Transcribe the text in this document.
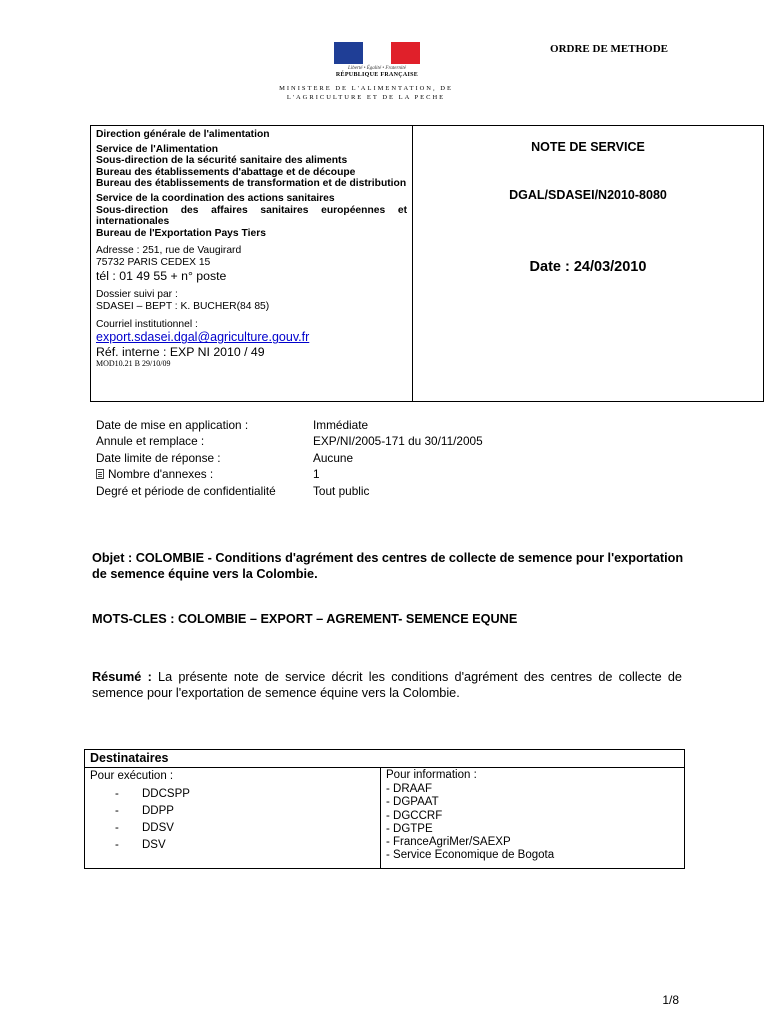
Liberté • Égalité • Fraternité
RÉPUBLIQUE FRANÇAISE
ORDRE DE METHODE
MINISTERE DE L'ALIMENTATION, DE
L'AGRICULTURE ET DE LA PECHE
Direction générale de l'alimentation
Service de l'Alimentation
Sous-direction de la sécurité sanitaire des aliments
Bureau des établissements d'abattage et de découpe
Bureau des établissements de transformation et de distribution
Service de la coordination des actions sanitaires
Sous-direction des affaires sanitaires européennes et internationales
Bureau de l'Exportation Pays Tiers
Adresse : 251, rue de Vaugirard
75732 PARIS CEDEX 15
tél : 01 49 55 + n° poste
Dossier suivi par :
SDASEI – BEPT : K. BUCHER(84 85)
Courriel institutionnel :
export.sdasei.dgal@agriculture.gouv.fr
Réf. interne : EXP NI 2010 / 49
MOD10.21 B 29/10/09
NOTE DE SERVICE
DGAL/SDASEI/N2010-8080
Date : 24/03/2010
Date de mise en application :	Immédiate
Annule et remplace :	EXP/NI/2005-171 du 30/11/2005
Date limite de réponse :	Aucune
Nombre d'annexes :	1
Degré et période de confidentialité	Tout public
Objet : COLOMBIE - Conditions d'agrément des centres de collecte de semence pour l'exportation de semence équine vers la Colombie.
MOTS-CLES : COLOMBIE – EXPORT – AGREMENT- SEMENCE EQUNE
Résumé : La présente note de service décrit les conditions d'agrément des centres de collecte de semence pour l'exportation de semence équine vers la Colombie.
Destinataires
Pour exécution :
-	DDCSPP
-	DDPP
-	DDSV
-	DSV
Pour information :
- DRAAF
- DGPAAT
- DGCCRF
- DGTPE
- FranceAgriMer/SAEXP
- Service Economique de Bogota
1/8
